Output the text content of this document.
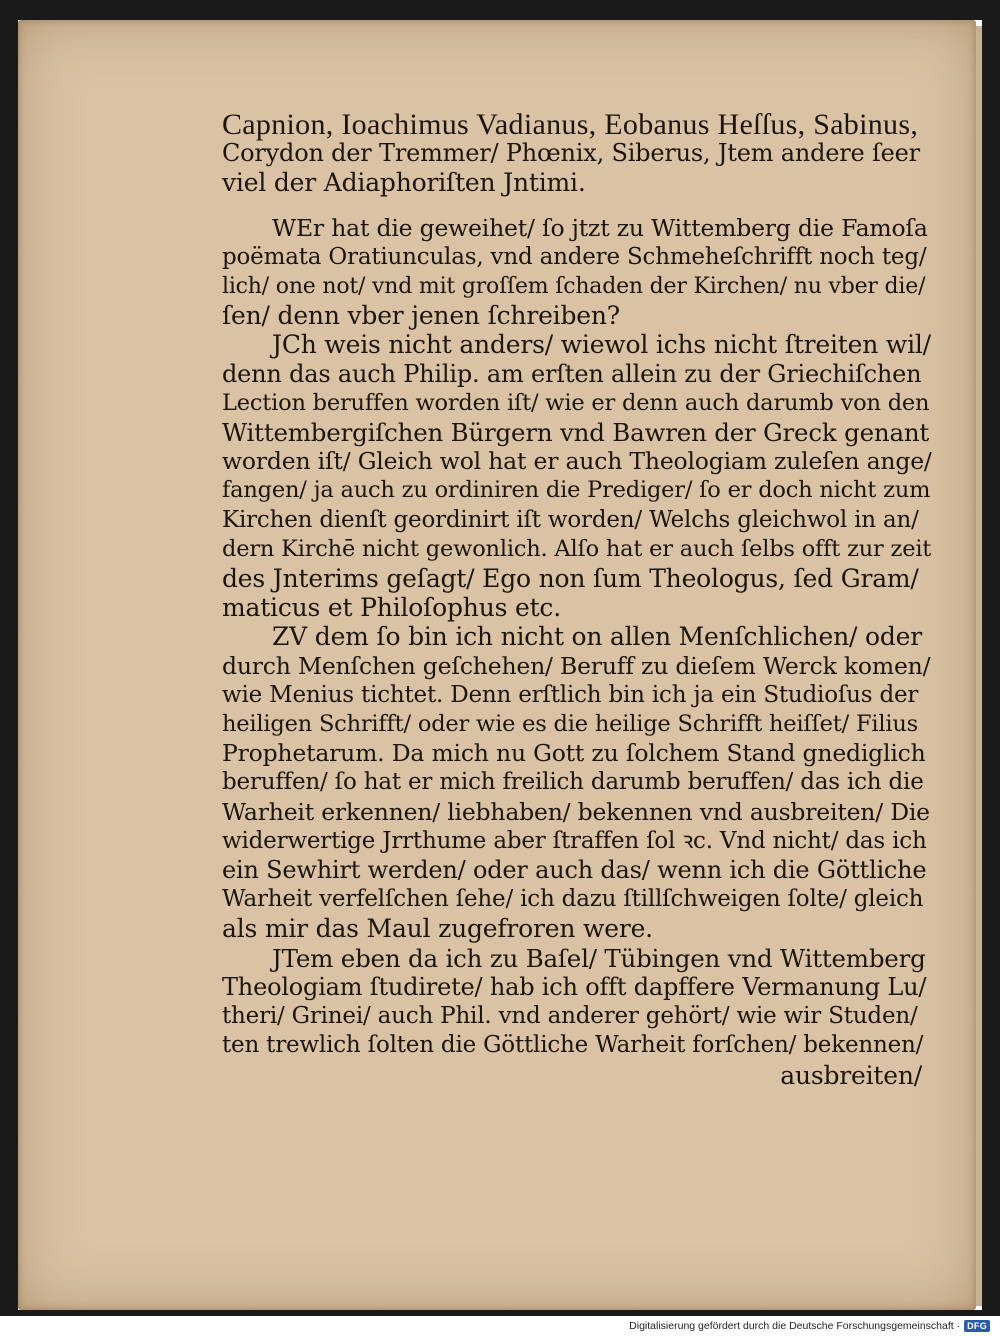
Capnion, Ioachimus Vadianus, Eobanus Heſſus, Sabinus,
Corydon der Tremmer/ Phœnix, Siberus, Jtem andere ſeer
viel der Adiaphoriſten Jntimi.
WEr hat die geweihet/ ſo jtzt zu Wittemberg die Famoſa
poëmata Oratiunculas, vnd andere Schmeheſchrifft noch teg/
lich/ one not/ vnd mit groſſem ſchaden der Kirchen/ nu vber die/
ſen/ denn vber jenen ſchreiben?
JCh weis nicht anders/ wiewol ichs nicht ſtreiten wil/
denn das auch Philip. am erſten allein zu der Griechiſchen
Lection beruffen worden iſt/ wie er denn auch darumb von den
Wittembergiſchen Bürgern vnd Bawren der Greck genant
worden iſt/ Gleich wol hat er auch Theologiam zuleſen ange/
fangen/ ja auch zu ordiniren die Prediger/ ſo er doch nicht zum
Kirchen dienſt geordinirt iſt worden/ Welchs gleichwol in an/
dern Kirchē nicht gewonlich. Alſo hat er auch ſelbs offt zur zeit
des Jnterims geſagt/ Ego non ſum Theologus, ſed Gram/
maticus et Philoſophus etc.
ZV dem ſo bin ich nicht on allen Menſchlichen/ oder
durch Menſchen geſchehen/ Beruff zu dieſem Werck komen/
wie Menius tichtet. Denn erſtlich bin ich ja ein Studioſus der
heiligen Schrifft/ oder wie es die heilige Schrifft heiſſet/ Filius
Prophetarum. Da mich nu Gott zu ſolchem Stand gnediglich
beruffen/ ſo hat er mich freilich darumb beruffen/ das ich die
Warheit erkennen/ liebhaben/ bekennen vnd ausbreiten/ Die
widerwertige Jrrthume aber ſtraffen ſol ꝛc. Vnd nicht/ das ich
ein Sewhirt werden/ oder auch das/ wenn ich die Göttliche
Warheit verfelſchen ſehe/ ich dazu ſtillſchweigen ſolte/ gleich
als mir das Maul zugefroren were.
JTem eben da ich zu Baſel/ Tübingen vnd Wittemberg
Theologiam ſtudirete/ hab ich offt dapffere Vermanung Lu/
theri/ Grinei/ auch Phil. vnd anderer gehört/ wie wir Studen/
ten trewlich ſolten die Göttliche Warheit forſchen/ bekennen/
ausbreiten/
Digitalisierung gefördert durch die Deutsche Forschungsgemeinschaft · DFG
